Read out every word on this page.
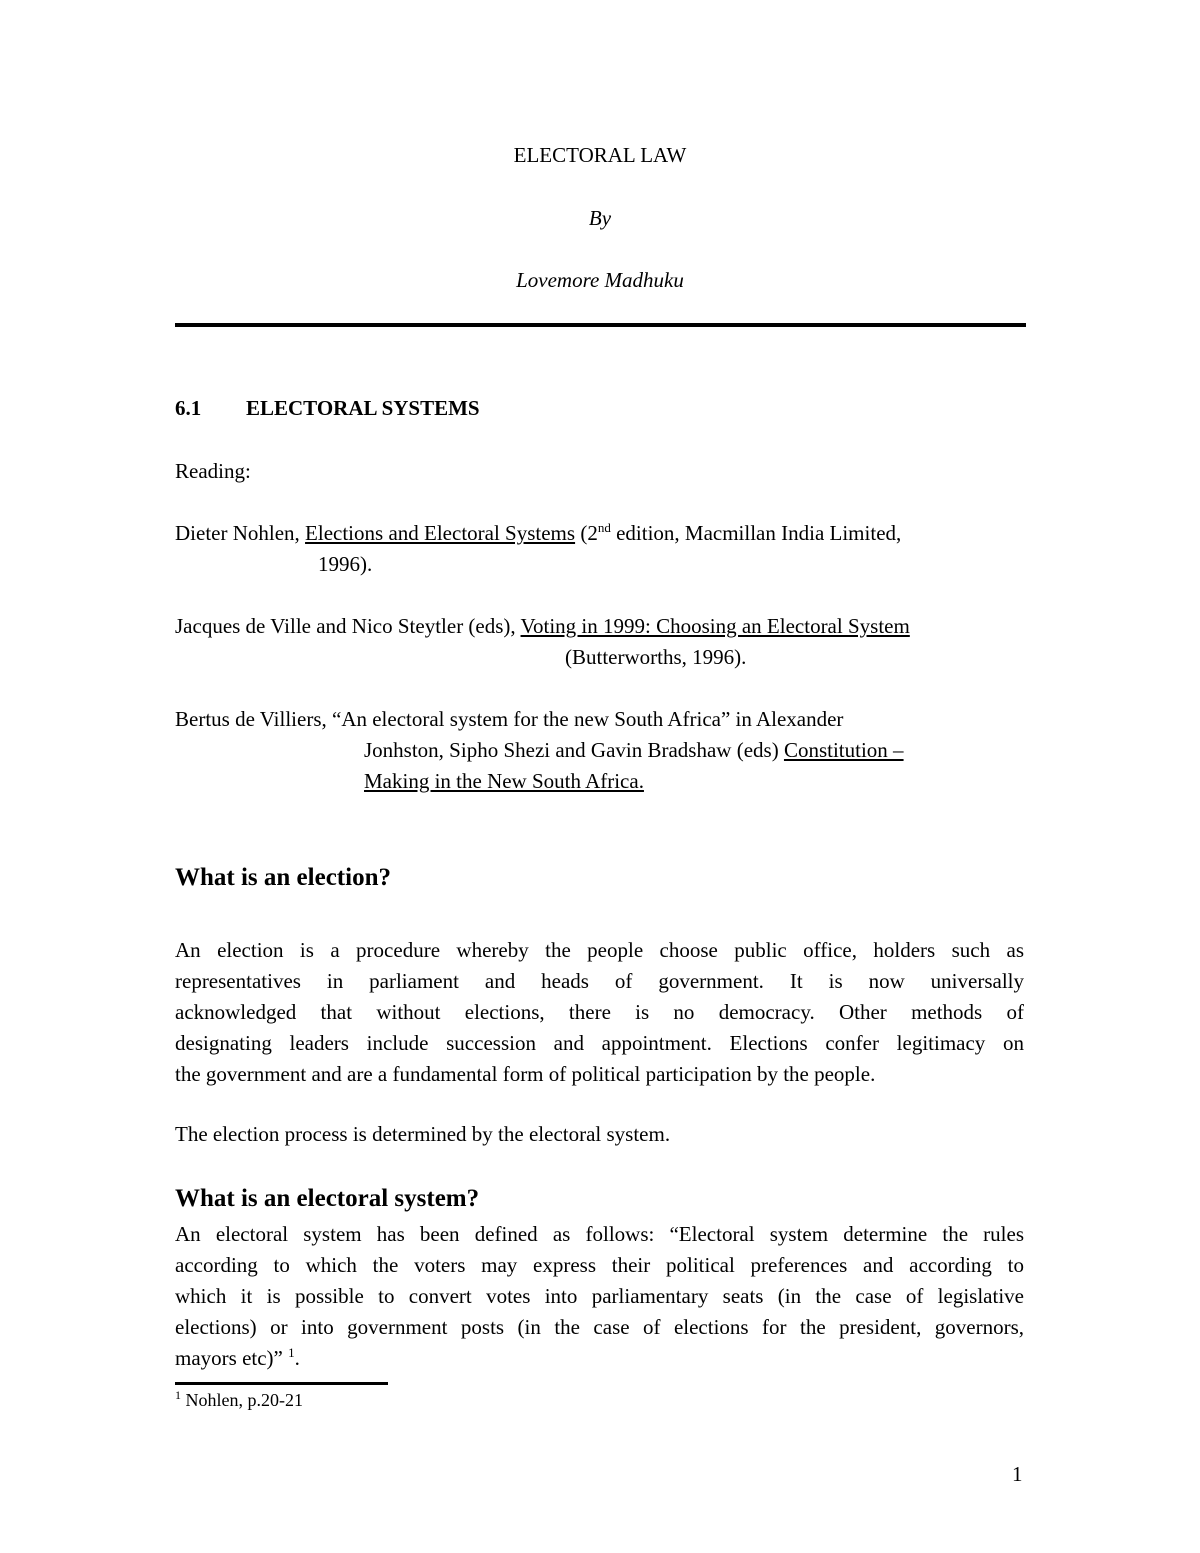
ELECTORAL LAW
By
Lovemore Madhuku
6.1 ELECTORAL SYSTEMS
Reading:
Dieter Nohlen, Elections and Electoral Systems (2nd edition, Macmillan India Limited,
1996).
Jacques de Ville and Nico Steytler (eds), Voting in 1999: Choosing an Electoral System
(Butterworths, 1996).
Bertus de Villiers, “An electoral system for the new South Africa” in Alexander
Jonhston, Sipho Shezi and Gavin Bradshaw (eds) Constitution –
Making in the New South Africa.
What is an election?
An election is a procedure whereby the people choose public office, holders such as
representatives in parliament and heads of government. It is now universally
acknowledged that without elections, there is no democracy. Other methods of
designating leaders include succession and appointment. Elections confer legitimacy on
the government and are a fundamental form of political participation by the people.
The election process is determined by the electoral system.
What is an electoral system?
An electoral system has been defined as follows: “Electoral system determine the rules
according to which the voters may express their political preferences and according to
which it is possible to convert votes into parliamentary seats (in the case of legislative
elections) or into government posts (in the case of elections for the president, governors,
mayors etc)” $^1$.
$^1$ Nohlen, p.20-21
1
